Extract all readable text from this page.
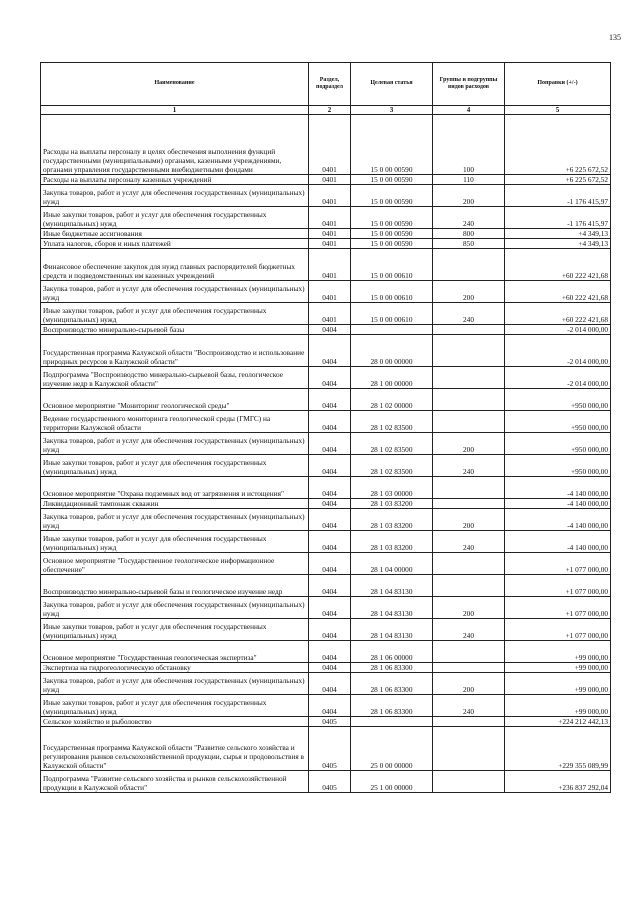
135
Наименование	Раздел, подраздел	Целевая статья	Группы и подгруппы видов расходов	Поправки (+/-)
1	2	3	4	5
Расходы на выплаты персоналу в целях обеспечения выполнения функций государственными (муниципальными) органами, казенными учреждениями, органами управления государственными внебюджетными фондами	0401	15 0 00 00590	100	+6 225 672,52
Расходы на выплаты персоналу казенных учреждений	0401	15 0 00 00590	110	+6 225 672,52
Закупка товаров, работ и услуг для обеспечения государственных (муниципальных) нужд	0401	15 0 00 00590	200	-1 176 415,97
Иные закупки товаров, работ и услуг для обеспечения государственных (муниципальных) нужд	0401	15 0 00 00590	240	-1 176 415,97
Иные бюджетные ассигнования	0401	15 0 00 00590	800	+4 349,13
Уплата налогов, сборов и иных платежей	0401	15 0 00 00590	850	+4 349,13
Финансовое обеспечение закупок для нужд главных распорядителей бюджетных средств и подведомственных им казенных учреждений	0401	15 0 00 00610		+60 222 421,68
Закупка товаров, работ и услуг для обеспечения государственных (муниципальных) нужд	0401	15 0 00 00610	200	+60 222 421,68
Иные закупки товаров, работ и услуг для обеспечения государственных (муниципальных) нужд	0401	15 0 00 00610	240	+60 222 421,68
Воспроизводство минерально-сырьевой базы	0404			-2 014 000,00
Государственная программа Калужской области "Воспроизводство и использование природных ресурсов в Калужской области"	0404	28 0 00 00000		-2 014 000,00
Подпрограмма "Воспроизводство минерально-сырьевой базы, геологическое изучение недр в Калужской области"	0404	28 1 00 00000		-2 014 000,00
Основное мероприятие "Мониторинг геологической среды"	0404	28 1 02 00000		+950 000,00
Ведение государственного мониторинга геологической среды (ГМГС) на территории Калужской области	0404	28 1 02 83500		+950 000,00
Закупка товаров, работ и услуг для обеспечения государственных (муниципальных) нужд	0404	28 1 02 83500	200	+950 000,00
Иные закупки товаров, работ и услуг для обеспечения государственных (муниципальных) нужд	0404	28 1 02 83500	240	+950 000,00
Основное мероприятие "Охрана подземных вод от загрязнения и истощения"	0404	28 1 03 00000		-4 140 000,00
Ликвидационный тампонаж скважин	0404	28 1 03 83200		-4 140 000,00
Закупка товаров, работ и услуг для обеспечения государственных (муниципальных) нужд	0404	28 1 03 83200	200	-4 140 000,00
Иные закупки товаров, работ и услуг для обеспечения государственных (муниципальных) нужд	0404	28 1 03 83200	240	-4 140 000,00
Основное мероприятие "Государственное геологическое информационное обеспечение"	0404	28 1 04 00000		+1 077 000,00
Воспроизводство минерально-сырьевой базы и геологическое изучение недр	0404	28 1 04 83130		+1 077 000,00
Закупка товаров, работ и услуг для обеспечения государственных (муниципальных) нужд	0404	28 1 04 83130	200	+1 077 000,00
Иные закупки товаров, работ и услуг для обеспечения государственных (муниципальных) нужд	0404	28 1 04 83130	240	+1 077 000,00
Основное мероприятие "Государственная геологическая экспертиза"	0404	28 1 06 00000		+99 000,00
Экспертиза на гидрогеологическую обстановку	0404	28 1 06 83300		+99 000,00
Закупка товаров, работ и услуг для обеспечения государственных (муниципальных) нужд	0404	28 1 06 83300	200	+99 000,00
Иные закупки товаров, работ и услуг для обеспечения государственных (муниципальных) нужд	0404	28 1 06 83300	240	+99 000,00
Сельское хозяйство и рыболовство	0405			+224 212 442,13
Государственная программа Калужской области "Развитие сельского хозяйства и регулирования рынков сельскохозяйственной продукции, сырья и продовольствия в Калужской области"	0405	25 0 00 00000		+229 355 089,99
Подпрограмма "Развитие сельского хозяйства и рынков сельскохозяйственной продукции в Калужской области"	0405	25 1 00 00000		+236 837 292,04
